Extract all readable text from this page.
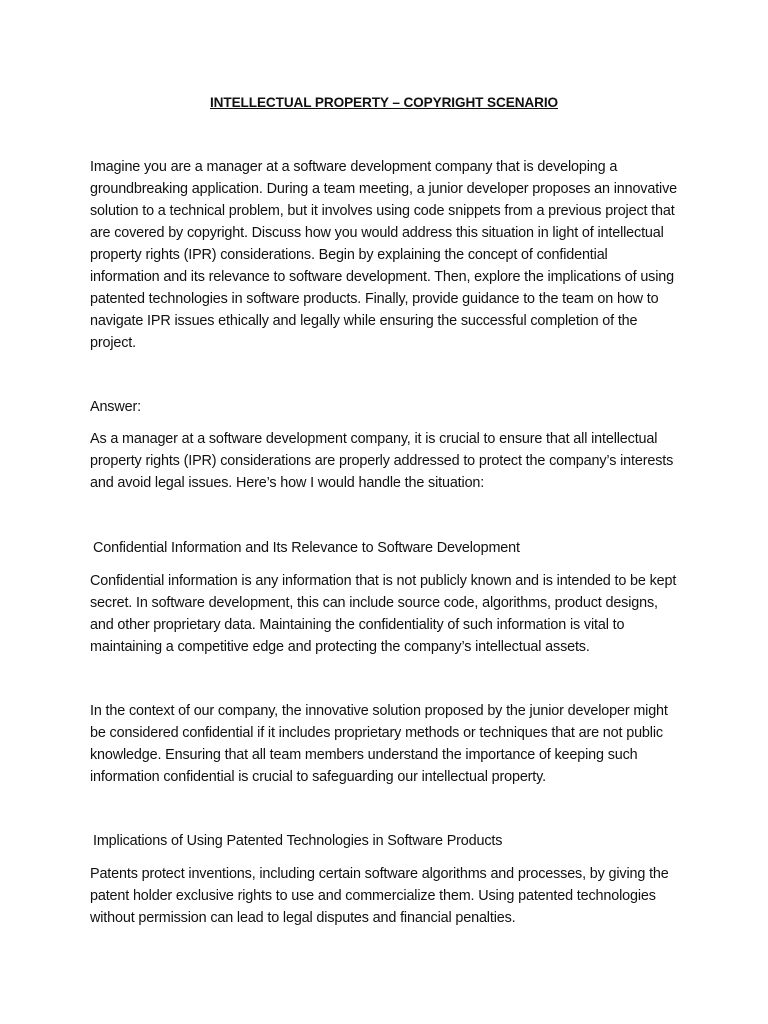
INTELLECTUAL PROPERTY – COPYRIGHT SCENARIO

Imagine you are a manager at a software development company that is developing a groundbreaking application. During a team meeting, a junior developer proposes an innovative solution to a technical problem, but it involves using code snippets from a previous project that are covered by copyright. Discuss how you would address this situation in light of intellectual property rights (IPR) considerations. Begin by explaining the concept of confidential information and its relevance to software development. Then, explore the implications of using patented technologies in software products. Finally, provide guidance to the team on how to navigate IPR issues ethically and legally while ensuring the successful completion of the project.

Answer:

As a manager at a software development company, it is crucial to ensure that all intellectual property rights (IPR) considerations are properly addressed to protect the company’s interests and avoid legal issues. Here’s how I would handle the situation:

Confidential Information and Its Relevance to Software Development

Confidential information is any information that is not publicly known and is intended to be kept secret. In software development, this can include source code, algorithms, product designs, and other proprietary data. Maintaining the confidentiality of such information is vital to maintaining a competitive edge and protecting the company’s intellectual assets.

In the context of our company, the innovative solution proposed by the junior developer might be considered confidential if it includes proprietary methods or techniques that are not public knowledge. Ensuring that all team members understand the importance of keeping such information confidential is crucial to safeguarding our intellectual property.

Implications of Using Patented Technologies in Software Products

Patents protect inventions, including certain software algorithms and processes, by giving the patent holder exclusive rights to use and commercialize them. Using patented technologies without permission can lead to legal disputes and financial penalties.
